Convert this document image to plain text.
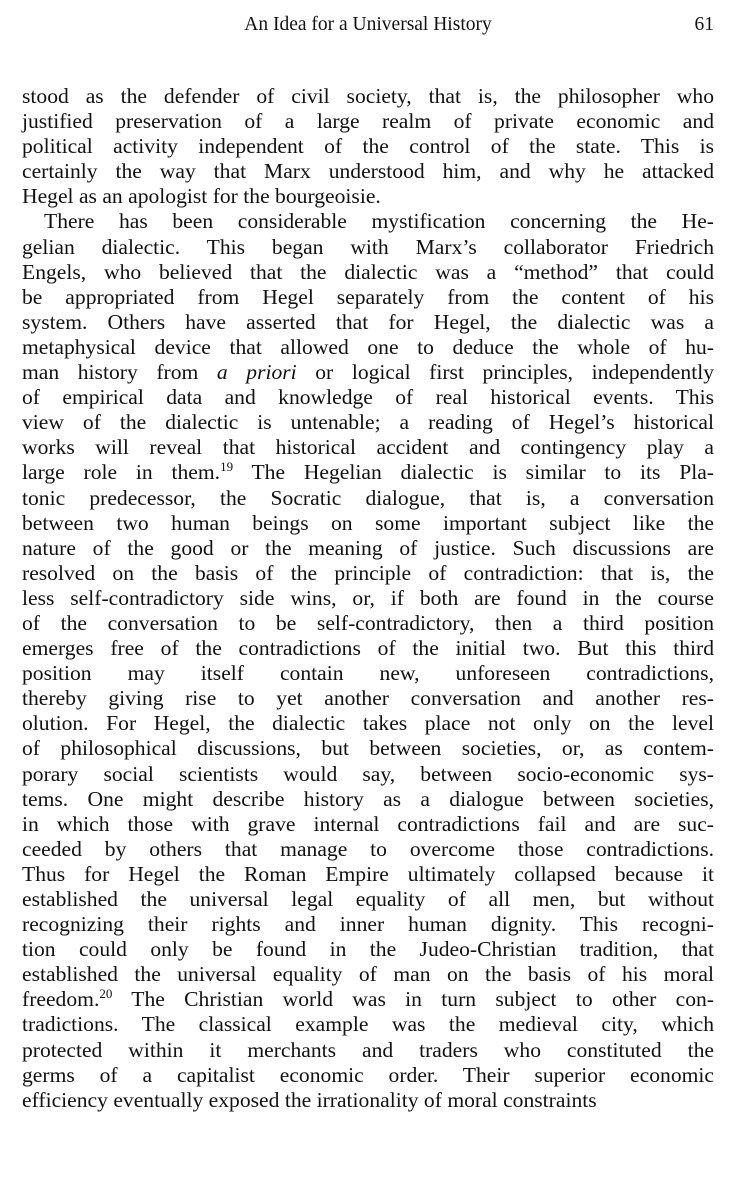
An Idea for a Universal History	61
stood as the defender of civil society, that is, the philosopher who
justified preservation of a large realm of private economic and
political activity independent of the control of the state. This is
certainly the way that Marx understood him, and why he attacked
Hegel as an apologist for the bourgeoisie.
There has been considerable mystification concerning the He-
gelian dialectic. This began with Marx’s collaborator Friedrich
Engels, who believed that the dialectic was a “method” that could
be appropriated from Hegel separately from the content of his
system. Others have asserted that for Hegel, the dialectic was a
metaphysical device that allowed one to deduce the whole of hu-
man history from a priori or logical first principles, independently
of empirical data and knowledge of real historical events. This
view of the dialectic is untenable; a reading of Hegel’s historical
works will reveal that historical accident and contingency play a
large role in them.$^{19}$ The Hegelian dialectic is similar to its Pla-
tonic predecessor, the Socratic dialogue, that is, a conversation
between two human beings on some important subject like the
nature of the good or the meaning of justice. Such discussions are
resolved on the basis of the principle of contradiction: that is, the
less self-contradictory side wins, or, if both are found in the course
of the conversation to be self-contradictory, then a third position
emerges free of the contradictions of the initial two. But this third
position may itself contain new, unforeseen contradictions,
thereby giving rise to yet another conversation and another res-
olution. For Hegel, the dialectic takes place not only on the level
of philosophical discussions, but between societies, or, as contem-
porary social scientists would say, between socio-economic sys-
tems. One might describe history as a dialogue between societies,
in which those with grave internal contradictions fail and are suc-
ceeded by others that manage to overcome those contradictions.
Thus for Hegel the Roman Empire ultimately collapsed because it
established the universal legal equality of all men, but without
recognizing their rights and inner human dignity. This recogni-
tion could only be found in the Judeo-Christian tradition, that
established the universal equality of man on the basis of his moral
freedom.$^{20}$ The Christian world was in turn subject to other con-
tradictions. The classical example was the medieval city, which
protected within it merchants and traders who constituted the
germs of a capitalist economic order. Their superior economic
efficiency eventually exposed the irrationality of moral constraints
